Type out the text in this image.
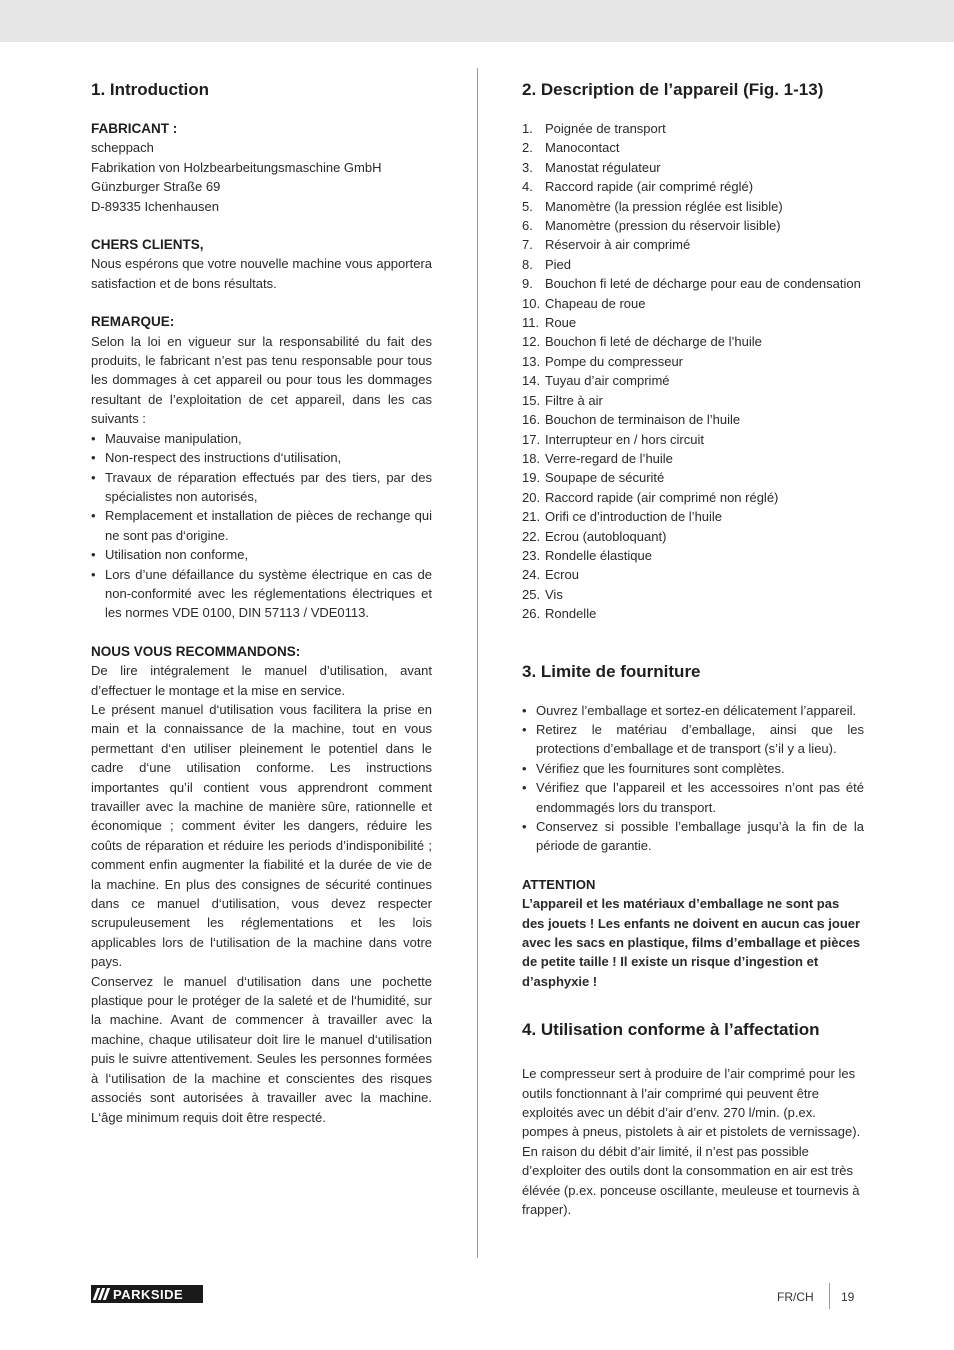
1. Introduction

FABRICANT :

scheppach
Fabrikation von Holzbearbeitungsmaschine GmbH
Günzburger Straße 69
D-89335 Ichenhausen

CHERS CLIENTS,

Nous espérons que votre nouvelle machine vous apportera satisfaction et de bons résultats.

REMARQUE:

Selon la loi en vigueur sur la responsabilité du fait des produits, le fabricant n’est pas tenu responsable pour tous les dommages à cet appareil ou pour tous les dommages resultant de l’exploitation de cet appareil, dans les cas suivants :

• Mauvaise manipulation,
• Non-respect des instructions d‘utilisation,
• Travaux de réparation effectués par des tiers, par des spécialistes non autorisés,
• Remplacement et installation de pièces de rechange qui ne sont pas d‘origine.
• Utilisation non conforme,
• Lors d’une défaillance du système électrique en cas de non-conformité avec les réglementations électriques et les normes VDE 0100, DIN 57113 / VDE0113.

NOUS VOUS RECOMMANDONS:

De lire intégralement le manuel d’utilisation, avant d’effectuer le montage et la mise en service.

Le présent manuel d‘utilisation vous facilitera la prise en main et la connaissance de la machine, tout en vous permettant d‘en utiliser pleinement le potentiel dans le cadre d‘une utilisation conforme. Les instructions importantes qu’il contient vous apprendront comment travailler avec la machine de manière sûre, rationnelle et économique ; comment éviter les dangers, réduire les coûts de réparation et réduire les periods d’indisponibilité ; comment enfin augmenter la fiabilité et la durée de vie de la machine. En plus des consignes de sécurité continues dans ce manuel d‘utilisation, vous devez respecter scrupuleusement les réglementations et les lois applicables lors de l‘utilisation de la machine dans votre pays.

Conservez le manuel d‘utilisation dans une pochette plastique pour le protéger de la saleté et de l‘humidité, sur la machine. Avant de commencer à travailler avec la machine, chaque utilisateur doit lire le manuel d‘utilisation puis le suivre attentivement. Seules les personnes formées à l‘utilisation de la machine et conscientes des risques associés sont autorisées à travailler avec la machine. L‘âge minimum requis doit être respecté.

2. Description de l’appareil (Fig. 1-13)
1. Poignée de transport
2. Manocontact
3. Manostat régulateur
4. Raccord rapide (air comprimé réglé)
5. Manomètre (la pression réglée est lisible)
6. Manomètre (pression du réservoir lisible)
7. Réservoir à air comprimé
8. Pied
9. Bouchon fi leté de décharge pour eau de condensation
10. Chapeau de roue
11. Roue
12. Bouchon fi leté de décharge de l’huile
13. Pompe du compresseur
14. Tuyau d’air comprimé
15. Filtre à air
16. Bouchon de terminaison de l’huile
17. Interrupteur en / hors circuit
18. Verre-regard de l’huile
19. Soupape de sécurité
20. Raccord rapide (air comprimé non réglé)
21. Orifi ce d’introduction de l’huile
22. Ecrou (autobloquant)
23. Rondelle élastique
24. Ecrou
25. Vis
26. Rondelle
3. Limite de fourniture
• Ouvrez l’emballage et sortez-en délicatement l’appareil.
• Retirez le matériau d’emballage, ainsi que les protections d’emballage et de transport (s’il y a lieu).
• Vérifiez que les fournitures sont complètes.
• Vérifiez que l’appareil et les accessoires n’ont pas été endommagés lors du transport.
• Conservez si possible l’emballage jusqu’à la fin de la période de garantie.

ATTENTION

L’appareil et les matériaux d’emballage ne sont pas des jouets ! Les enfants ne doivent en aucun cas jouer avec les sacs en plastique, films d’emballage et pièces de petite taille ! Il existe un risque d’ingestion et d’asphyxie !

4. Utilisation conforme à l’affectation

Le compresseur sert à produire de l’air comprimé pour les outils fonctionnant à l’air comprimé qui peuvent être exploités avec un débit d’air d’env. 270 l/min. (p.ex. pompes à pneus, pistolets à air et pistolets de vernissage). En raison du débit d’air limité, il n’est pas possible d’exploiter des outils dont la consommation en air est très élévée (p.ex. ponceuse oscillante, meuleuse et tournevis à frapper).

PARKSIDE	FR/CH 19
